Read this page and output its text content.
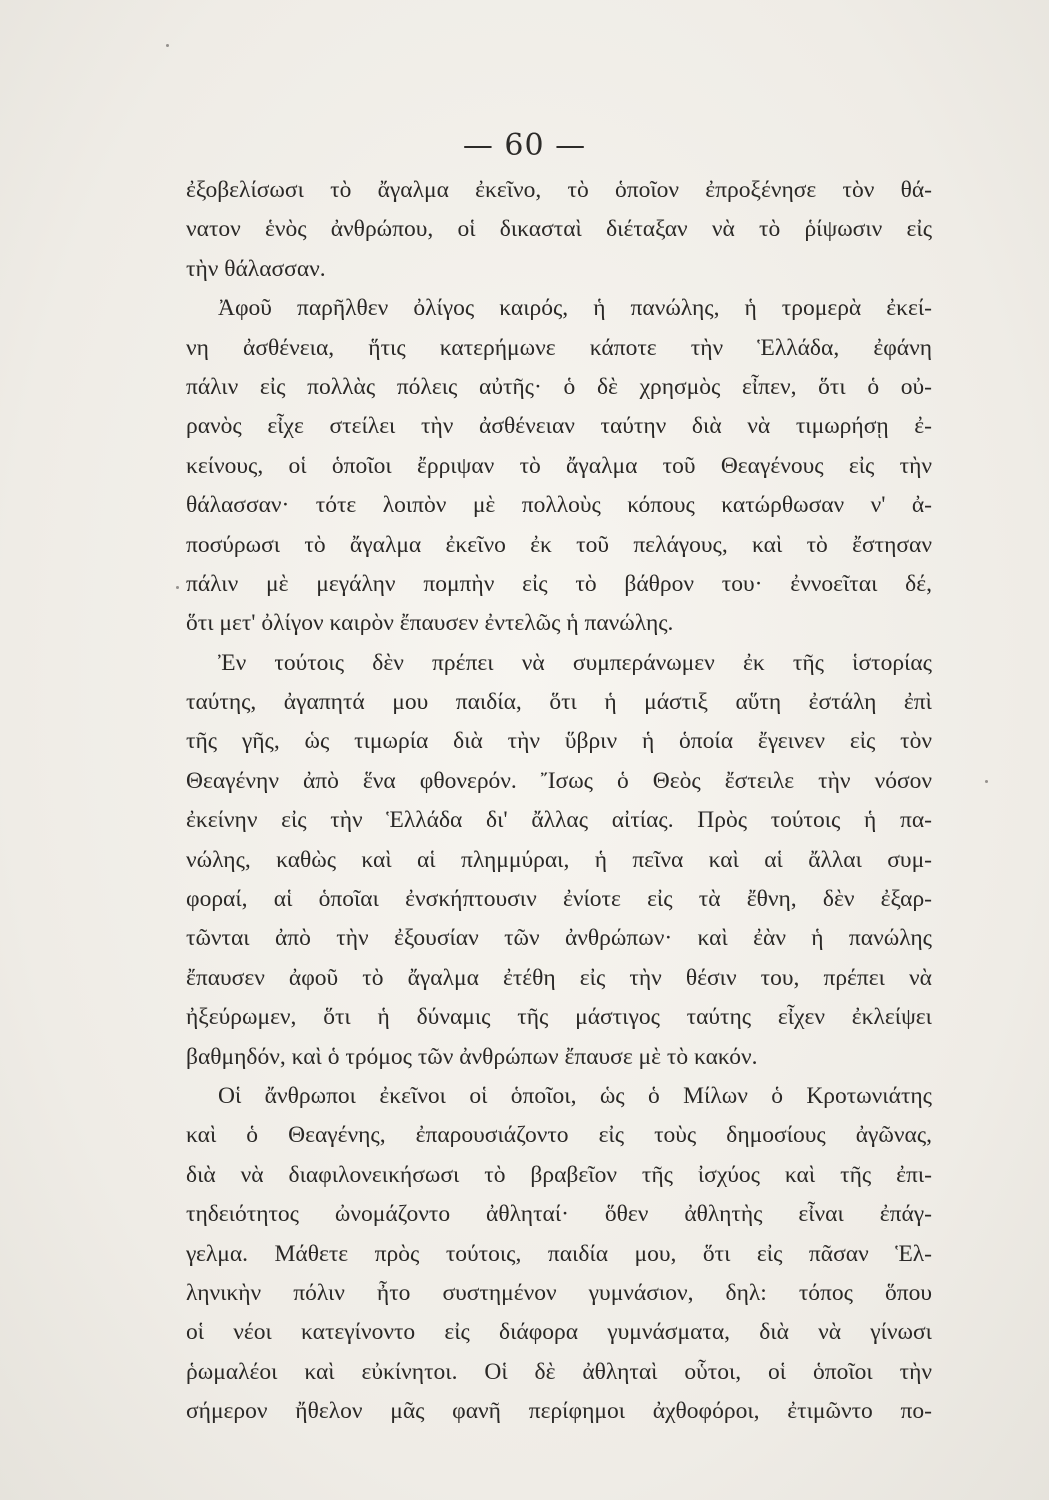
— 60 —
ἐξοβελίσωσι τὸ ἄγαλμα ἐκεῖνο, τὸ ὁποῖον ἐπροξένησε τὸν θά-
νατον ἑνὸς ἀνθρώπου, οἱ δικασταὶ διέταξαν νὰ τὸ ῥίψωσιν εἰς
τὴν θάλασσαν.
Ἀφοῦ παρῆλθεν ὀλίγος καιρός, ἡ πανώλης, ἡ τρομερὰ ἐκεί-
νη ἀσθένεια, ἥτις κατερήμωνε κάποτε τὴν Ἑλλάδα, ἐφάνη
πάλιν εἰς πολλὰς πόλεις αὐτῆς· ὁ δὲ χρησμὸς εἶπεν, ὅτι ὁ οὐ-
ρανὸς εἶχε στείλει τὴν ἀσθένειαν ταύτην διὰ νὰ τιμωρήσῃ ἐ-
κείνους, οἱ ὁποῖοι ἔρριψαν τὸ ἄγαλμα τοῦ Θεαγένους εἰς τὴν
θάλασσαν· τότε λοιπὸν μὲ πολλοὺς κόπους κατώρθωσαν ν' ἀ-
ποσύρωσι τὸ ἄγαλμα ἐκεῖνο ἐκ τοῦ πελάγους, καὶ τὸ ἔστησαν
πάλιν μὲ μεγάλην πομπὴν εἰς τὸ βάθρον του· ἐννοεῖται δέ,
ὅτι μετ' ὀλίγον καιρὸν ἔπαυσεν ἐντελῶς ἡ πανώλης.
Ἐν τούτοις δὲν πρέπει νὰ συμπεράνωμεν ἐκ τῆς ἱστορίας
ταύτης, ἀγαπητά μου παιδία, ὅτι ἡ μάστιξ αὕτη ἐστάλη ἐπὶ
τῆς γῆς, ὡς τιμωρία διὰ τὴν ὕβριν ἡ ὁποία ἔγεινεν εἰς τὸν
Θεαγένην ἀπὸ ἕνα φθονερόν. Ἴσως ὁ Θεὸς ἔστειλε τὴν νόσον
ἐκείνην εἰς τὴν Ἑλλάδα δι' ἄλλας αἰτίας. Πρὸς τούτοις ἡ πα-
νώλης, καθὼς καὶ αἱ πλημμύραι, ἡ πεῖνα καὶ αἱ ἄλλαι συμ-
φοραί, αἱ ὁποῖαι ἐνσκήπτουσιν ἐνίοτε εἰς τὰ ἔθνη, δὲν ἐξαρ-
τῶνται ἀπὸ τὴν ἐξουσίαν τῶν ἀνθρώπων· καὶ ἐὰν ἡ πανώλης
ἔπαυσεν ἀφοῦ τὸ ἄγαλμα ἐτέθη εἰς τὴν θέσιν του, πρέπει νὰ
ἠξεύρωμεν, ὅτι ἡ δύναμις τῆς μάστιγος ταύτης εἶχεν ἐκλείψει
βαθμηδόν, καὶ ὁ τρόμος τῶν ἀνθρώπων ἔπαυσε μὲ τὸ κακόν.
Οἱ ἄνθρωποι ἐκεῖνοι οἱ ὁποῖοι, ὡς ὁ Μίλων ὁ Κροτωνιάτης
καὶ ὁ Θεαγένης, ἐπαρουσιάζοντο εἰς τοὺς δημοσίους ἀγῶνας,
διὰ νὰ διαφιλονεικήσωσι τὸ βραβεῖον τῆς ἰσχύος καὶ τῆς ἐπι-
τηδειότητος ὠνομάζοντο ἀθληταί· ὅθεν ἀθλητὴς εἶναι ἐπάγ-
γελμα. Μάθετε πρὸς τούτοις, παιδία μου, ὅτι εἰς πᾶσαν Ἑλ-
ληνικὴν πόλιν ἦτο συστημένον γυμνάσιον, δηλ: τόπος ὅπου
οἱ νέοι κατεγίνοντο εἰς διάφορα γυμνάσματα, διὰ νὰ γίνωσι
ῥωμαλέοι καὶ εὐκίνητοι. Οἱ δὲ ἀθληταὶ οὗτοι, οἱ ὁποῖοι τὴν
σήμερον ἤθελον μᾶς φανῆ περίφημοι ἀχθοφόροι, ἐτιμῶντο πο-
